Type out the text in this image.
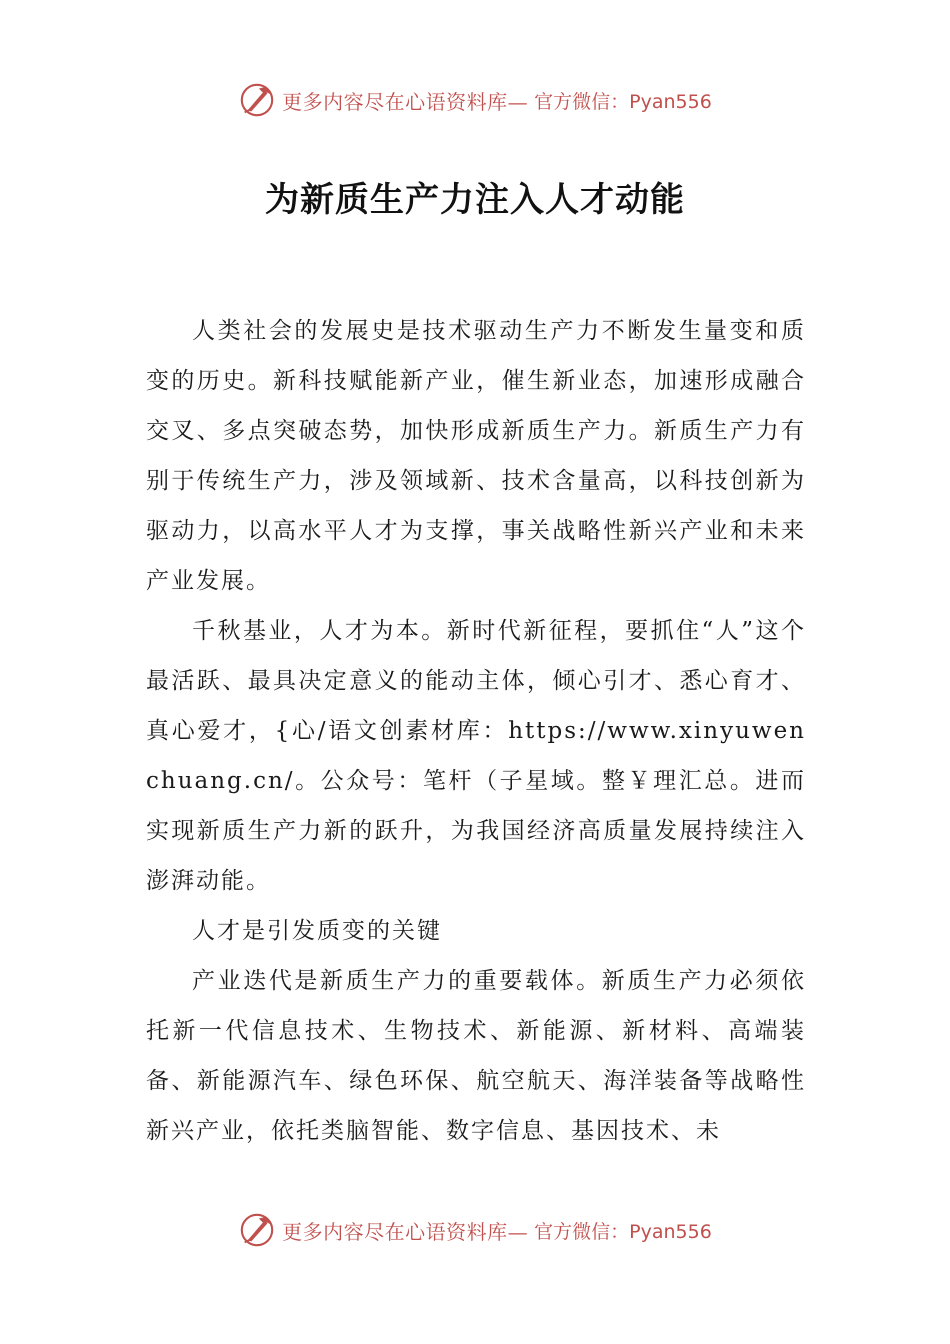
更多内容尽在心语资料库— 官方微信：Pyan556
为新质生产力注入人才动能

人类社会的发展史是技术驱动生产力不断发生量变和质变的历史。新科技赋能新产业，催生新业态，加速形成融合交叉、多点突破态势，加快形成新质生产力。新质生产力有别于传统生产力，涉及领域新、技术含量高，以科技创新为驱动力，以高水平人才为支撑，事关战略性新兴产业和未来产业发展。

千秋基业，人才为本。新时代新征程，要抓住“人”这个最活跃、最具决定意义的能动主体，倾心引才、悉心育才、真心爱才，{心/语文创素材库：https://www.xinyuwenchuang.cn/。公众号：笔杆（子星域。整￥理汇总。进而实现新质生产力新的跃升，为我国经济高质量发展持续注入澎湃动能。

人才是引发质变的关键

产业迭代是新质生产力的重要载体。新质生产力必须依托新一代信息技术、生物技术、新能源、新材料、高端装备、新能源汽车、绿色环保、航空航天、海洋装备等战略性新兴产业，依托类脑智能、数字信息、基因技术、未

更多内容尽在心语资料库— 官方微信：Pyan556
